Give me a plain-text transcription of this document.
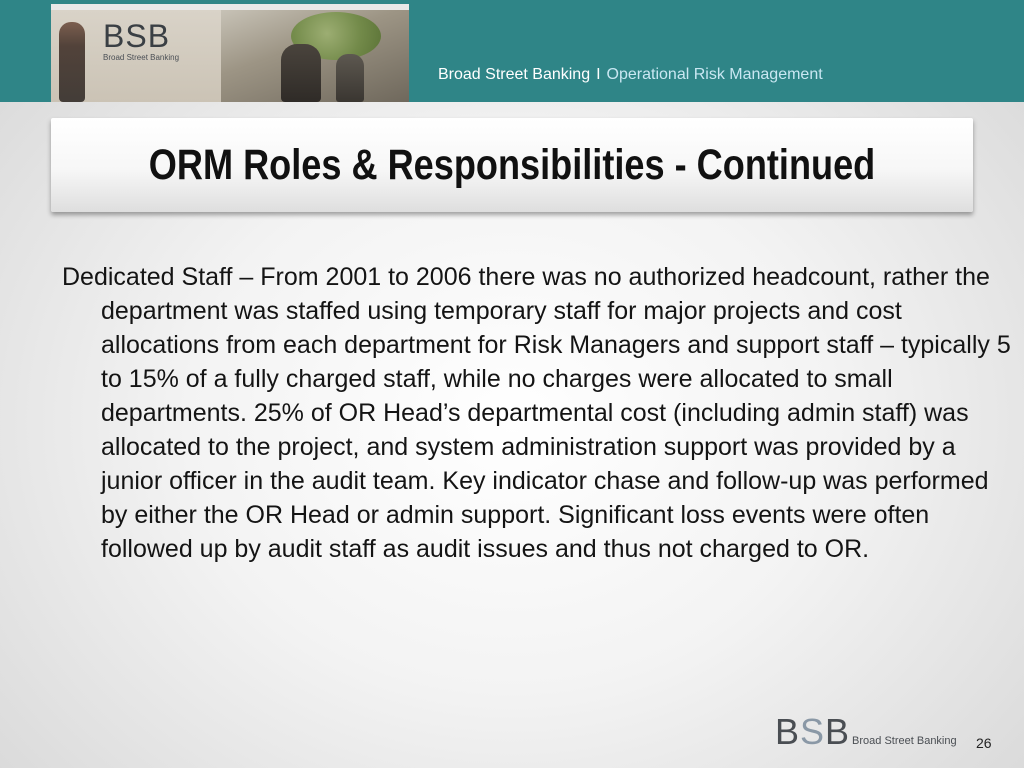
BSB
Broad Street Banking
Broad Street Banking I Operational Risk Management
ORM Roles & Responsibilities - Continued
Dedicated Staff – From 2001 to 2006 there was no authorized headcount, rather the department was staffed using temporary staff for major projects and cost allocations from each department for Risk Managers and support staff – typically 5 to 15% of a fully charged staff, while no charges were allocated to small departments. 25% of OR Head’s departmental cost (including admin staff) was allocated to the project, and system administration support was provided by a junior officer in the audit team. Key indicator chase and follow-up was performed by either the OR Head or admin support. Significant loss events were often followed up by audit staff as audit issues and thus not charged to OR.
BSB Broad Street Banking 26
